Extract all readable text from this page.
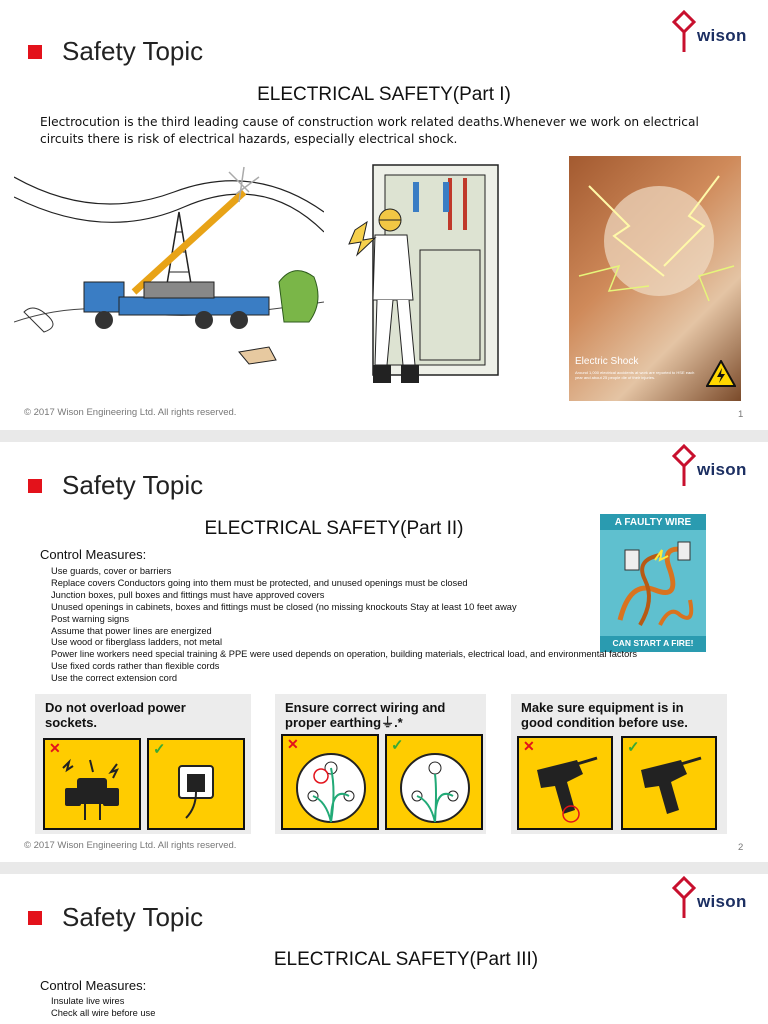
Safety Topic
wison
ELECTRICAL SAFETY(Part I)
Electrocution is the third leading cause of construction work related deaths.Whenever we work on electrical circuits there is risk of electrical hazards, especially electrical shock.
Electric Shock
Around 1,000 electrical accidents at work are reported to HSE each year and about 25 people die of their injuries.
© 2017 Wison Engineering Ltd. All rights reserved.	1
Safety Topic
wison
ELECTRICAL SAFETY(Part II)	A FAULTY WIRE
CAN START A FIRE!
Control Measures:
Use guards, cover or barriers
Replace covers Conductors going into them must be protected, and unused openings must be closed
Junction boxes, pull boxes and fittings must have approved covers
Unused openings in cabinets, boxes and fittings must be closed (no missing knockouts Stay at least 10 feet away
Post warning signs
Assume that power lines are energized
Use wood or fiberglass ladders, not metal
Power line workers need special training & PPE were used depends on operation, building materials, electrical load, and environmental factors
Use fixed cords rather than flexible cords
Use the correct extension cord
Do not overload power
sockets.
✕	✓
Ensure correct wiring and
proper earthing⏚.*
✕	✓
Make sure equipment is in
good condition before use.
✕	✓
© 2017 Wison Engineering Ltd. All rights reserved.	2
Safety Topic
wison
ELECTRICAL SAFETY(Part III)
Control Measures:
Insulate live wires
Check all wire before use
